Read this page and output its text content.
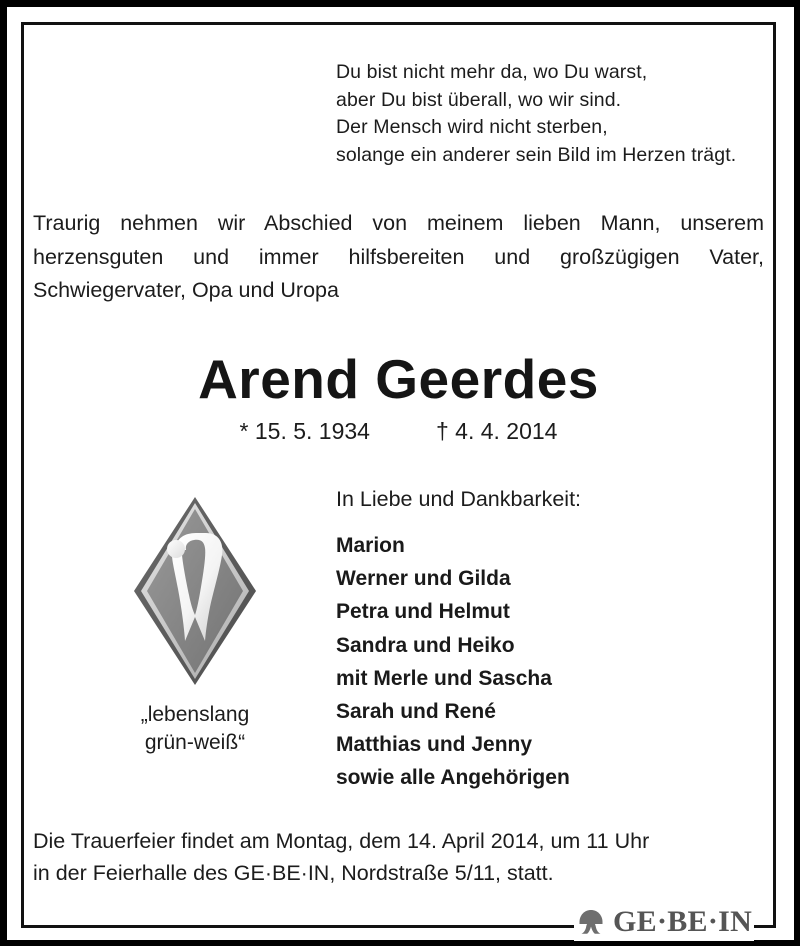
Du bist nicht mehr da, wo Du warst,
aber Du bist überall, wo wir sind.
Der Mensch wird nicht sterben,
solange ein anderer sein Bild im Herzen trägt.
Traurig nehmen wir Abschied von meinem lieben Mann, unserem herzensguten und immer hilfsbereiten und großzügigen Vater, Schwiegervater, Opa und Uropa
Arend Geerdes
* 15. 5. 1934	† 4. 4. 2014
„lebenslang
grün-weiß“
In Liebe und Dankbarkeit:
Marion
Werner und Gilda
Petra und Helmut
Sandra und Heiko
mit Merle und Sascha
Sarah und René
Matthias und Jenny
sowie alle Angehörigen
Die Trauerfeier findet am Montag, dem 14. April 2014, um 11 Uhr
in der Feierhalle des GE·BE·IN, Nordstraße 5/11, statt.
GE·BE·IN
